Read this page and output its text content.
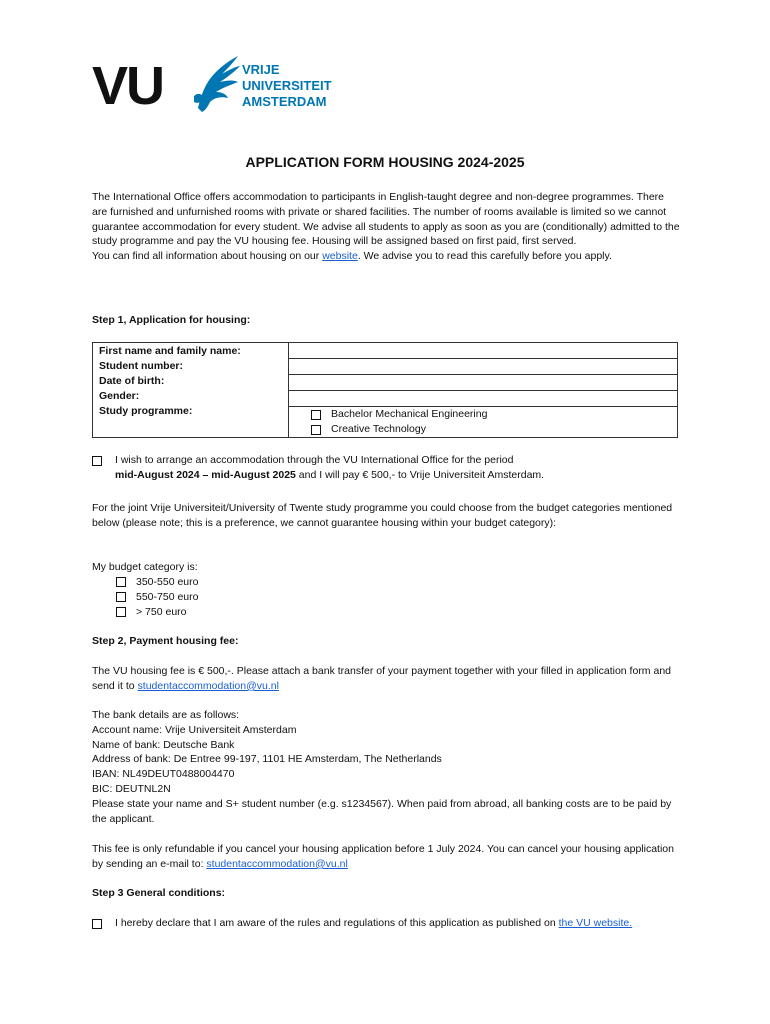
VU	VRIJE
UNIVERSITEIT
AMSTERDAM
APPLICATION FORM HOUSING 2024-2025
The International Office offers accommodation to participants in English-taught degree and non-degree programmes. There are furnished and unfurnished rooms with private or shared facilities. The number of rooms available is limited so we cannot guarantee accommodation for every student. We advise all students to apply as soon as you are (conditionally) admitted to the study programme and pay the VU housing fee. Housing will be assigned based on first paid, first served.
You can find all information about housing on our website. We advise you to read this carefully before you apply.
Step 1, Application for housing:
First name and family name:
Student number:
Date of birth:
Gender:
Study programme:	Bachelor Mechanical Engineering
Creative Technology
I wish to arrange an accommodation through the VU International Office for the period
mid-August 2024 – mid-August 2025 and I will pay € 500,- to Vrije Universiteit Amsterdam.
For the joint Vrije Universiteit/University of Twente study programme you could choose from the budget categories mentioned below (please note; this is a preference, we cannot guarantee housing within your budget category):
My budget category is:
350-550 euro
550-750 euro
> 750 euro
Step 2, Payment housing fee:
The VU housing fee is € 500,-. Please attach a bank transfer of your payment together with your filled in application form and send it to studentaccommodation@vu.nl
The bank details are as follows:
Account name: Vrije Universiteit Amsterdam
Name of bank: Deutsche Bank
Address of bank: De Entree 99-197, 1101 HE Amsterdam, The Netherlands
IBAN: NL49DEUT0488004470
BIC: DEUTNL2N
Please state your name and S+ student number (e.g. s1234567). When paid from abroad, all banking costs are to be paid by the applicant.
This fee is only refundable if you cancel your housing application before 1 July 2024. You can cancel your housing application by sending an e-mail to: studentaccommodation@vu.nl
Step 3 General conditions:
I hereby declare that I am aware of the rules and regulations of this application as published on the VU website.
